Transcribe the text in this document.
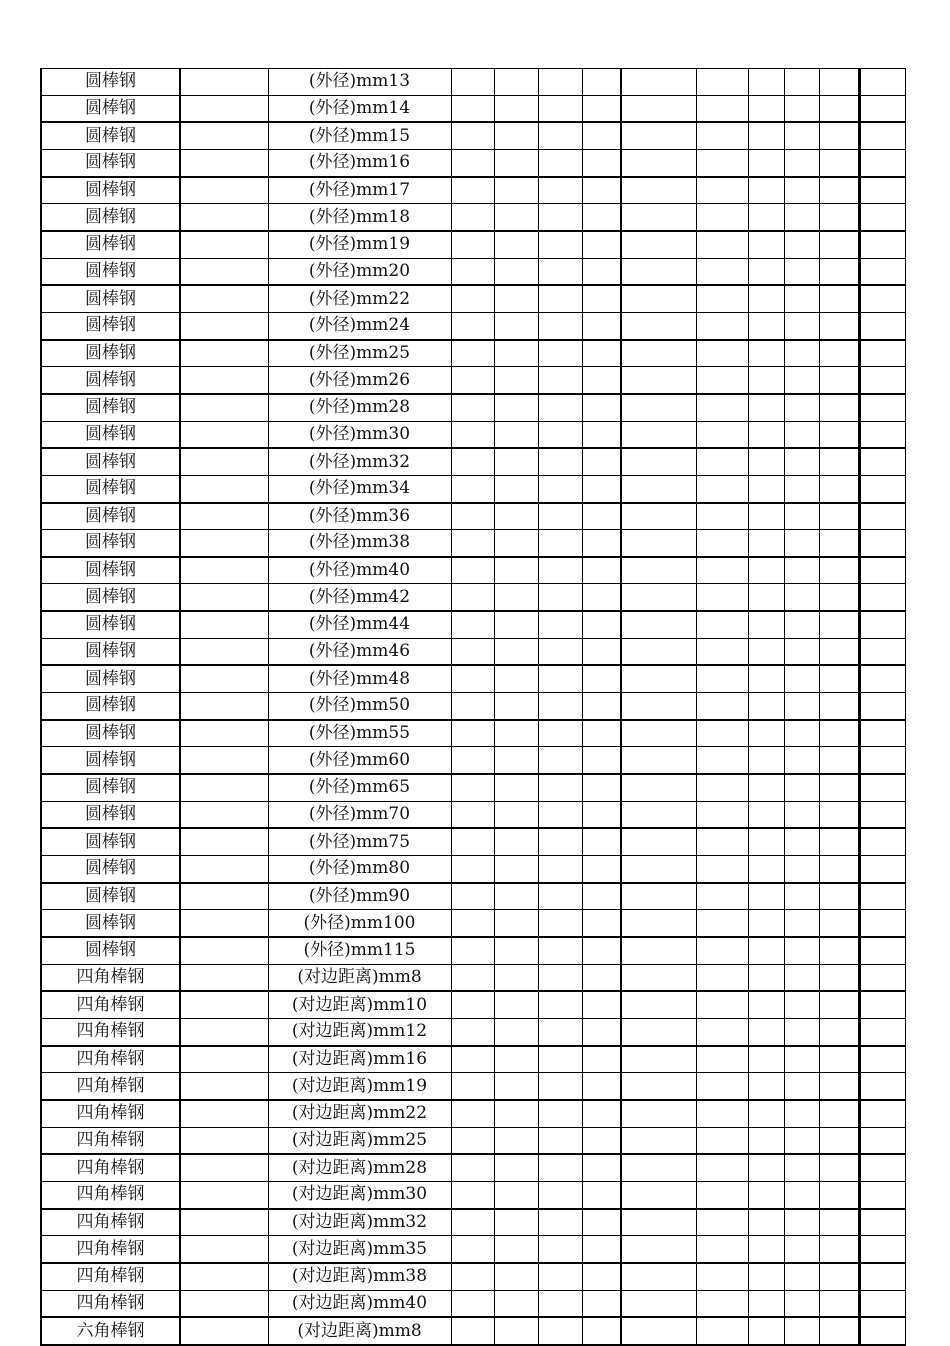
圆棒钢		(外径)mm13										
圆棒钢		(外径)mm14										
圆棒钢		(外径)mm15										
圆棒钢		(外径)mm16										
圆棒钢		(外径)mm17										
圆棒钢		(外径)mm18										
圆棒钢		(外径)mm19										
圆棒钢		(外径)mm20										
圆棒钢		(外径)mm22										
圆棒钢		(外径)mm24										
圆棒钢		(外径)mm25										
圆棒钢		(外径)mm26										
圆棒钢		(外径)mm28										
圆棒钢		(外径)mm30										
圆棒钢		(外径)mm32										
圆棒钢		(外径)mm34										
圆棒钢		(外径)mm36										
圆棒钢		(外径)mm38										
圆棒钢		(外径)mm40										
圆棒钢		(外径)mm42										
圆棒钢		(外径)mm44										
圆棒钢		(外径)mm46										
圆棒钢		(外径)mm48										
圆棒钢		(外径)mm50										
圆棒钢		(外径)mm55										
圆棒钢		(外径)mm60										
圆棒钢		(外径)mm65										
圆棒钢		(外径)mm70										
圆棒钢		(外径)mm75										
圆棒钢		(外径)mm80										
圆棒钢		(外径)mm90										
圆棒钢		(外径)mm100										
圆棒钢		(外径)mm115										
四角棒钢		(对边距离)mm8										
四角棒钢		(对边距离)mm10										
四角棒钢		(对边距离)mm12										
四角棒钢		(对边距离)mm16										
四角棒钢		(对边距离)mm19										
四角棒钢		(对边距离)mm22										
四角棒钢		(对边距离)mm25										
四角棒钢		(对边距离)mm28										
四角棒钢		(对边距离)mm30										
四角棒钢		(对边距离)mm32										
四角棒钢		(对边距离)mm35										
四角棒钢		(对边距离)mm38										
四角棒钢		(对边距离)mm40										
六角棒钢		(对边距离)mm8										
